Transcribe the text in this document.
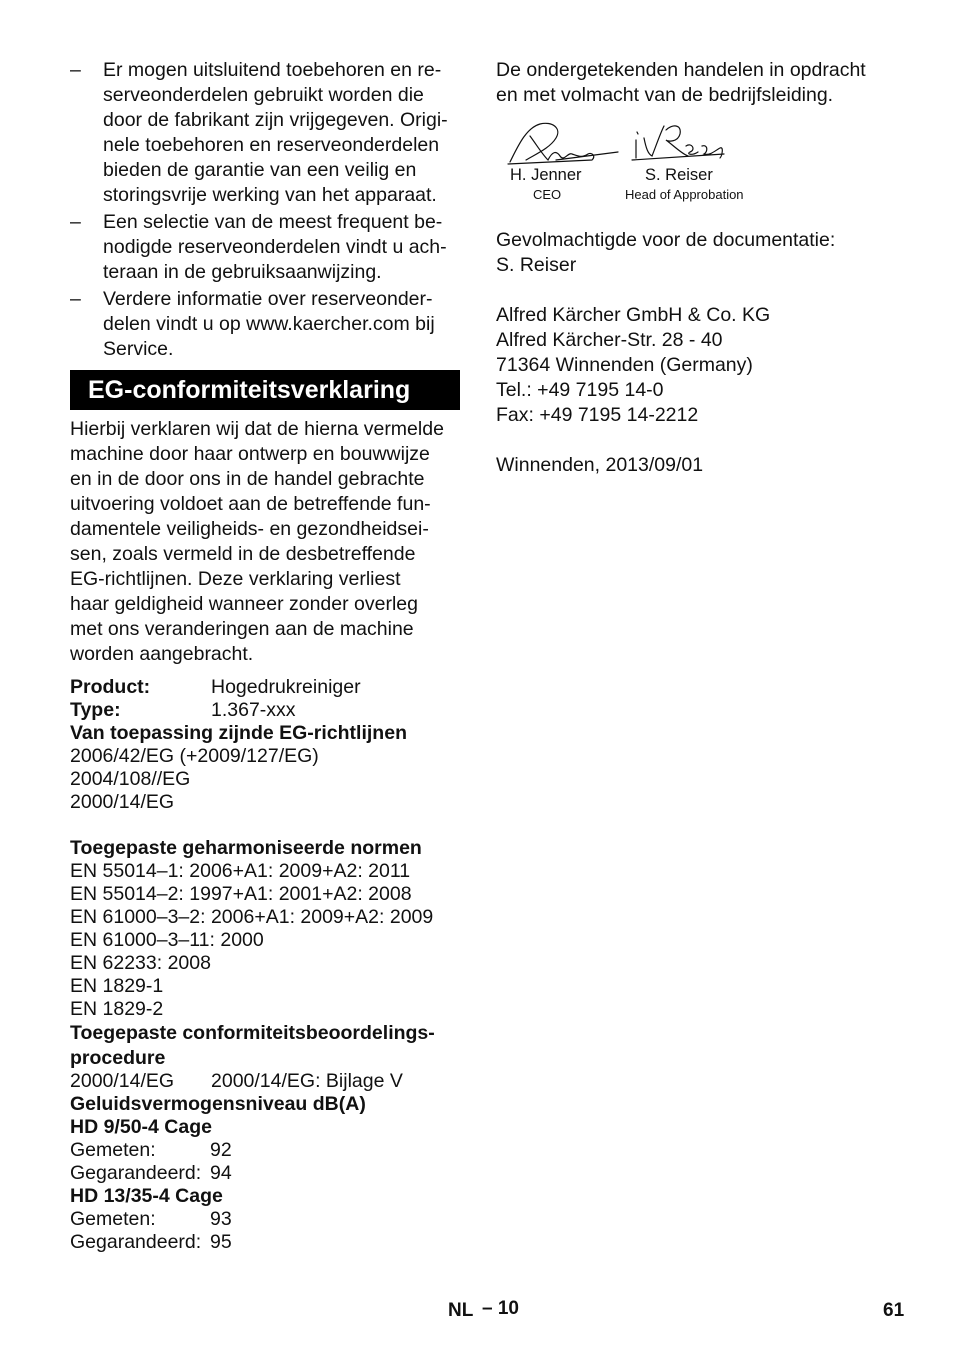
– Er mogen uitsluitend toebehoren en re-
serveonderdelen gebruikt worden die
door de fabrikant zijn vrijgegeven. Origi-
nele toebehoren en reserveonderdelen
bieden de garantie van een veilig en
storingsvrije werking van het apparaat.
– Een selectie van de meest frequent be-
nodigde reserveonderdelen vindt u ach-
teraan in de gebruiksaanwijzing.
– Verdere informatie over reserveonder-
delen vindt u op www.kaercher.com bij
Service.
EG-conformiteitsverklaring
Hierbij verklaren wij dat de hierna vermelde
machine door haar ontwerp en bouwwijze
en in de door ons in de handel gebrachte
uitvoering voldoet aan de betreffende fun-
damentele veiligheids- en gezondheidsei-
sen, zoals vermeld in de desbetreffende
EG-richtlijnen. Deze verklaring verliest
haar geldigheid wanneer zonder overleg
met ons veranderingen aan de machine
worden aangebracht.
Product:	Hogedrukreiniger
Type:	1.367-xxx
Van toepassing zijnde EG-richtlijnen
2006/42/EG (+2009/127/EG)
2004/108//EG
2000/14/EG
Toegepaste geharmoniseerde normen
EN 55014–1: 2006+A1: 2009+A2: 2011
EN 55014–2: 1997+A1: 2001+A2: 2008
EN 61000–3–2: 2006+A1: 2009+A2: 2009
EN 61000–3–11: 2000
EN 62233: 2008
EN 1829-1
EN 1829-2
Toegepaste conformiteitsbeoordelings-
procedure
2000/14/EG	2000/14/EG: Bijlage V
Geluidsvermogensniveau dB(A)
HD 9/50-4 Cage
Gemeten:	92
Gegarandeerd: 94
HD 13/35-4 Cage
Gemeten:	93
Gegarandeerd: 95
De ondergetekenden handelen in opdracht
en met volmacht van de bedrijfsleiding.
H. Jenner
CEO
S. Reiser
Head of Approbation
Gevolmachtigde voor de documentatie:
S. Reiser
Alfred Kärcher GmbH & Co. KG
Alfred Kärcher-Str. 28 - 40
71364 Winnenden (Germany)
Tel.: +49 7195 14-0
Fax: +49 7195 14-2212
Winnenden, 2013/09/01
NL – 10	61
